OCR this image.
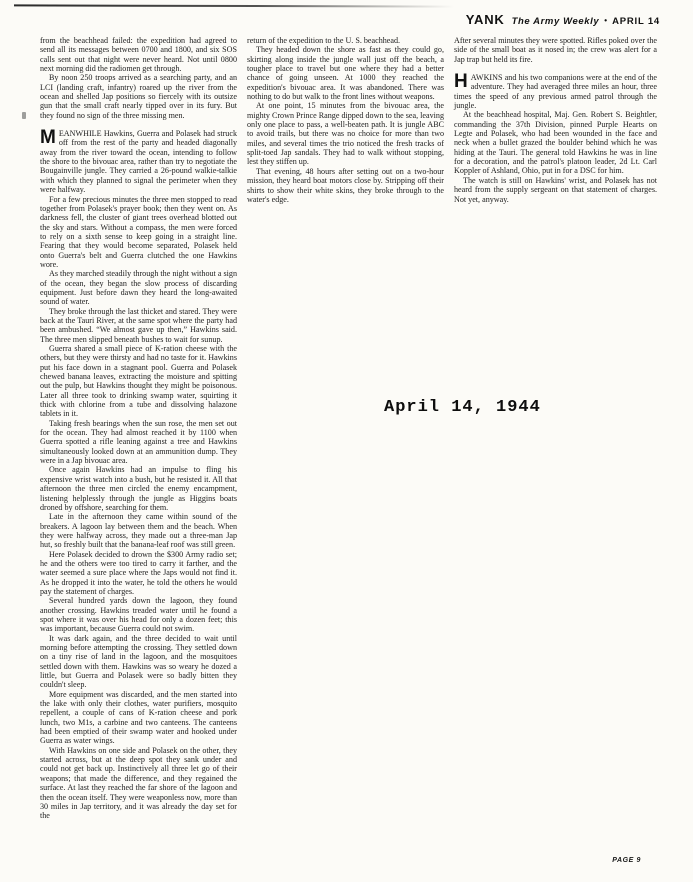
YANK The Army Weekly • APRIL 14

from the beachhead failed: the expedition had agreed to send all its messages between 0700 and 1800, and six SOS calls sent out that night were never heard. Not until 0800 next morning did the radiomen get through.

By noon 250 troops arrived as a searching party, and an LCI (landing craft, infantry) roared up the river from the ocean and shelled Jap positions so fiercely with its outsize gun that the small craft nearly tipped over in its fury. But they found no sign of the three missing men.

MEANWHILE Hawkins, Guerra and Polasek had struck off from the rest of the party and headed diagonally away from the river toward the ocean, intending to follow the shore to the bivouac area, rather than try to negotiate the Bougainville jungle. They carried a 26-pound walkie-talkie with which they planned to signal the perimeter when they were halfway.

For a few precious minutes the three men stopped to read together from Polasek's prayer book; then they went on. As darkness fell, the cluster of giant trees overhead blotted out the sky and stars. Without a compass, the men were forced to rely on a sixth sense to keep going in a straight line. Fearing that they would become separated, Polasek held onto Guerra's belt and Guerra clutched the one Hawkins wore.

As they marched steadily through the night without a sign of the ocean, they began the slow process of discarding equipment. Just before dawn they heard the long-awaited sound of water.

They broke through the last thicket and stared. They were back at the Tauri River, at the same spot where the party had been ambushed. “We almost gave up then,” Hawkins said. The three men slipped beneath bushes to wait for sunup.

Guerra shared a small piece of K-ration cheese with the others, but they were thirsty and had no taste for it. Hawkins put his face down in a stagnant pool. Guerra and Polasek chewed banana leaves, extracting the moisture and spitting out the pulp, but Hawkins thought they might be poisonous. Later all three took to drinking swamp water, squirting it thick with chlorine from a tube and dissolving halazone tablets in it.

Taking fresh bearings when the sun rose, the men set out for the ocean. They had almost reached it by 1100 when Guerra spotted a rifle leaning against a tree and Hawkins simultaneously looked down at an ammunition dump. They were in a Jap bivouac area.

Once again Hawkins had an impulse to fling his expensive wrist watch into a bush, but he resisted it. All that afternoon the three men circled the enemy encampment, listening helplessly through the jungle as Higgins boats droned by offshore, searching for them.

Late in the afternoon they came within sound of the breakers. A lagoon lay between them and the beach. When they were halfway across, they made out a three-man Jap hut, so freshly built that the banana-leaf roof was still green.

Here Polasek decided to drown the $300 Army radio set; he and the others were too tired to carry it farther, and the water seemed a sure place where the Japs would not find it. As he dropped it into the water, he told the others he would pay the statement of charges.

Several hundred yards down the lagoon, they found another crossing. Hawkins treaded water until he found a spot where it was over his head for only a dozen feet; this was important, because Guerra could not swim.

It was dark again, and the three decided to wait until morning before attempting the crossing. They settled down on a tiny rise of land in the lagoon, and the mosquitoes settled down with them. Hawkins was so weary he dozed a little, but Guerra and Polasek were so badly bitten they couldn't sleep.

More equipment was discarded, and the men started into the lake with only their clothes, water purifiers, mosquito repellent, a couple of cans of K-ration cheese and pork lunch, two M1s, a carbine and two canteens. The canteens had been emptied of their swamp water and hooked under Guerra as water wings.

With Hawkins on one side and Polasek on the other, they started across, but at the deep spot they sank under and could not get back up. Instinctively all three let go of their weapons; that made the difference, and they regained the surface. At last they reached the far shore of the lagoon and then the ocean itself. They were weaponless now, more than 30 miles in Jap territory, and it was already the day set for the

return of the expedition to the U. S. beachhead.

They headed down the shore as fast as they could go, skirting along inside the jungle wall just off the beach, a tougher place to travel but one where they had a better chance of going unseen. At 1000 they reached the expedition's bivouac area. It was abandoned. There was nothing to do but walk to the front lines without weapons.

At one point, 15 minutes from the bivouac area, the mighty Crown Prince Range dipped down to the sea, leaving only one place to pass, a well-beaten path. It is jungle ABC to avoid trails, but there was no choice for more than two miles, and several times the trio noticed the fresh tracks of split-toed Jap sandals. They had to walk without stopping, lest they stiffen up.

That evening, 48 hours after setting out on a two-hour mission, they heard boat motors close by. Stripping off their shirts to show their white skins, they broke through to the water's edge.

After several minutes they were spotted. Rifles poked over the side of the small boat as it nosed in; the crew was alert for a Jap trap but held its fire.

HAWKINS and his two companions were at the end of the adventure. They had averaged three miles an hour, three times the speed of any previous armed patrol through the jungle.

At the beachhead hospital, Maj. Gen. Robert S. Beightler, commanding the 37th Division, pinned Purple Hearts on Legte and Polasek, who had been wounded in the face and neck when a bullet grazed the boulder behind which he was hiding at the Tauri. The general told Hawkins he was in line for a decoration, and the patrol's platoon leader, 2d Lt. Carl Koppler of Ashland, Ohio, put in for a DSC for him.

The watch is still on Hawkins' wrist, and Polasek has not heard from the supply sergeant on that statement of charges. Not yet, anyway.

April 14, 1944
PAGE 9
